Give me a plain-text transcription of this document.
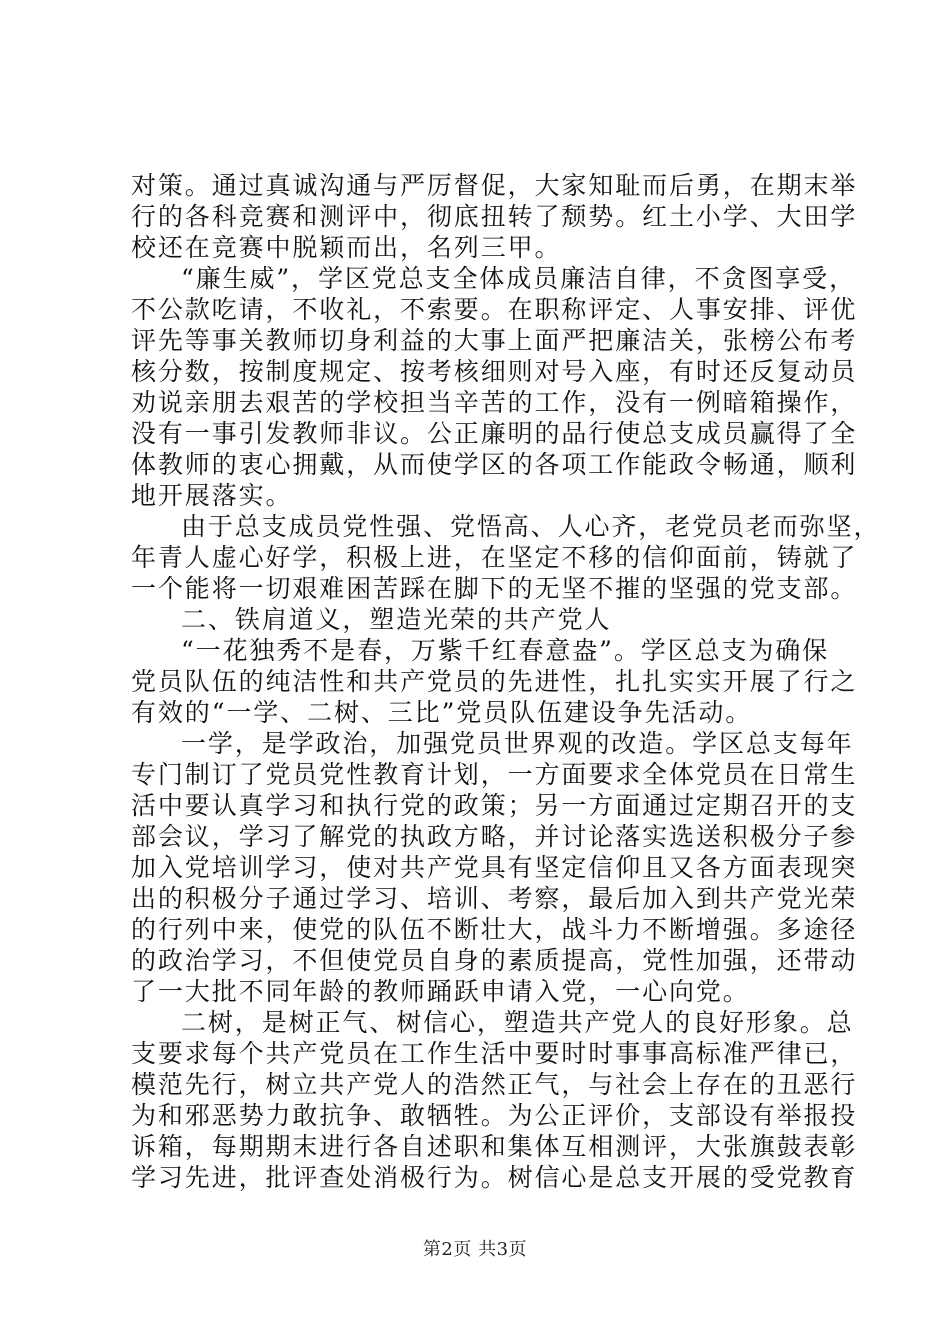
对策。通过真诚沟通与严厉督促，大家知耻而后勇，在期末举
行的各科竞赛和测评中，彻底扭转了颓势。红土小学、大田学
校还在竞赛中脱颖而出，名列三甲。
“廉生威”，学区党总支全体成员廉洁自律，不贪图享受，
不公款吃请，不收礼，不索要。在职称评定、人事安排、评优
评先等事关教师切身利益的大事上面严把廉洁关，张榜公布考
核分数，按制度规定、按考核细则对号入座，有时还反复动员
劝说亲朋去艰苦的学校担当辛苦的工作，没有一例暗箱操作，
没有一事引发教师非议。公正廉明的品行使总支成员赢得了全
体教师的衷心拥戴，从而使学区的各项工作能政令畅通，顺利
地开展落实。
由于总支成员党性强、党悟高、人心齐，老党员老而弥坚，
年青人虚心好学，积极上进，在坚定不移的信仰面前，铸就了
一个能将一切艰难困苦踩在脚下的无坚不摧的坚强的党支部。
二、铁肩道义，塑造光荣的共产党人
“一花独秀不是春，万紫千红春意盎”。学区总支为确保
党员队伍的纯洁性和共产党员的先进性，扎扎实实开展了行之
有效的“一学、二树、三比”党员队伍建设争先活动。
一学，是学政治，加强党员世界观的改造。学区总支每年
专门制订了党员党性教育计划，一方面要求全体党员在日常生
活中要认真学习和执行党的政策；另一方面通过定期召开的支
部会议，学习了解党的执政方略，并讨论落实选送积极分子参
加入党培训学习，使对共产党具有坚定信仰且又各方面表现突
出的积极分子通过学习、培训、考察，最后加入到共产党光荣
的行列中来，使党的队伍不断壮大，战斗力不断增强。多途径
的政治学习，不但使党员自身的素质提高，党性加强，还带动
了一大批不同年龄的教师踊跃申请入党，一心向党。
二树，是树正气、树信心，塑造共产党人的良好形象。总
支要求每个共产党员在工作生活中要时时事事高标准严律已，
模范先行，树立共产党人的浩然正气，与社会上存在的丑恶行
为和邪恶势力敢抗争、敢牺牲。为公正评价，支部设有举报投
诉箱，每期期末进行各自述职和集体互相测评，大张旗鼓表彰
学习先进，批评查处消极行为。树信心是总支开展的受党教育
第2页 共3页
